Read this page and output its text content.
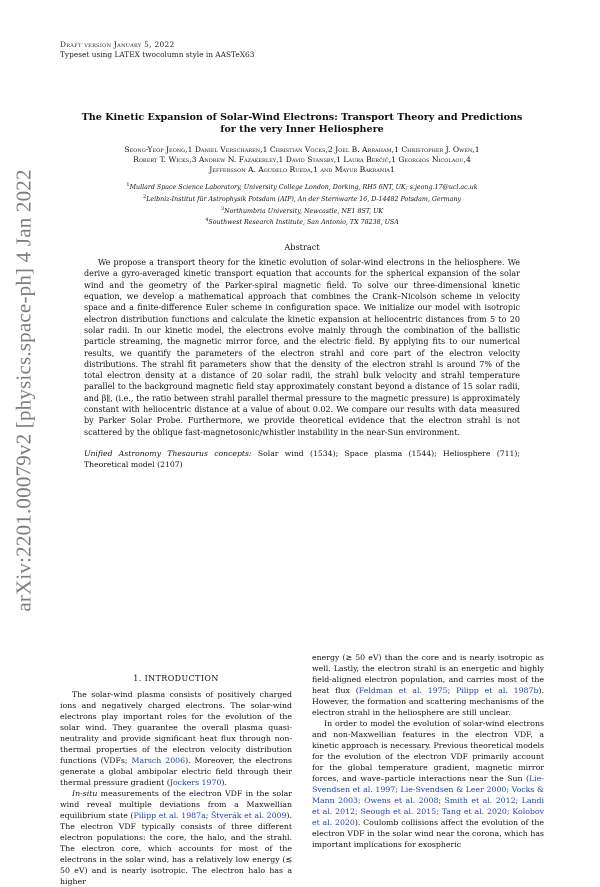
arXiv:2201.00079v2 [physics.space-ph] 4 Jan 2022
Draft version January 5, 2022
Typeset using LATEX twocolumn style in AASTeX63
The Kinetic Expansion of Solar-Wind Electrons: Transport Theory and Predictions for the very Inner Heliosphere
Seong-Yeop Jeong,1 Daniel Verscharen,1 Christian Vocks,2 Joel B. Abraham,1 Christopher J. Owen,1
Robert T. Wicks,3 Andrew N. Fazakerley,1 David Stansby,1 Laura Berčič,1 Georgios Nicolaou,4
Jeffersson A. Agudelo Rueda,1 and Mayur Bakrania1
$^1$Mullard Space Science Laboratory, University College London, Dorking, RH5 6NT, UK; s.jeong.17@ucl.ac.uk
$^2$Leibniz-Institut für Astrophysik Potsdam (AIP), An der Sternwarte 16, D-14482 Potsdam, Germany
$^3$Northumbria University, Newcastle, NE1 8ST, UK
$^4$Southwest Research Institute, San Antonio, TX 78238, USA
Abstract
We propose a transport theory for the kinetic evolution of solar-wind electrons in the heliosphere. We derive a gyro-averaged kinetic transport equation that accounts for the spherical expansion of the solar wind and the geometry of the Parker-spiral magnetic field. To solve our three-dimensional kinetic equation, we develop a mathematical approach that combines the Crank–Nicolson scheme in velocity space and a finite-difference Euler scheme in configuration space. We initialize our model with isotropic electron distribution functions and calculate the kinetic expansion at heliocentric distances from 5 to 20 solar radii. In our kinetic model, the electrons evolve mainly through the combination of the ballistic particle streaming, the magnetic mirror force, and the electric field. By applying fits to our numerical results, we quantify the parameters of the electron strahl and core part of the electron velocity distributions. The strahl fit parameters show that the density of the electron strahl is around 7% of the total electron density at a distance of 20 solar radii, the strahl bulk velocity and strahl temperature parallel to the background magnetic field stay approximately constant beyond a distance of 15 solar radii, and β∥, (i.e., the ratio between strahl parallel thermal pressure to the magnetic pressure) is approximately constant with heliocentric distance at a value of about 0.02. We compare our results with data measured by Parker Solar Probe. Furthermore, we provide theoretical evidence that the electron strahl is not scattered by the oblique fast-magnetosonic/whistler instability in the near-Sun environment.
Unified Astronomy Thesaurus concepts: Solar wind (1534); Space plasma (1544); Heliosphere (711); Theoretical model (2107)
1. INTRODUCTION

The solar-wind plasma consists of positively charged ions and negatively charged electrons. The solar-wind electrons play important roles for the evolution of the solar wind. They guarantee the overall plasma quasi-neutrality and provide significant heat flux through non-thermal properties of the electron velocity distribution functions (VDFs; Marsch 2006). Moreover, the electrons generate a global ambipolar electric field through their thermal pressure gradient (Jockers 1970).

In-situ measurements of the electron VDF in the solar wind reveal multiple deviations from a Maxwellian equilibrium state (Pilipp et al. 1987a; Štverák et al. 2009). The electron VDF typically consists of three different electron populations: the core, the halo, and the strahl. The electron core, which accounts for most of the electrons in the solar wind, has a relatively low energy (≲ 50 eV) and is nearly isotropic. The electron halo has a higher

energy (≳ 50 eV) than the core and is nearly isotropic as well. Lastly, the electron strahl is an energetic and highly field-aligned electron population, and carries most of the heat flux (Feldman et al. 1975; Pilipp et al. 1987b). However, the formation and scattering mechanisms of the electron strahl in the heliosphere are still unclear.

In order to model the evolution of solar-wind electrons and non-Maxwellian features in the electron VDF, a kinetic approach is necessary. Previous theoretical models for the evolution of the electron VDF primarily account for the global temperature gradient, magnetic mirror forces, and wave–particle interactions near the Sun (Lie-Svendsen et al. 1997; Lie-Svendsen & Leer 2000; Vocks & Mann 2003; Owens et al. 2008; Smith et al. 2012; Landi et al. 2012; Seough et al. 2015; Tang et al. 2020; Kolobov et al. 2020). Coulomb collisions affect the evolution of the electron VDF in the solar wind near the corona, which has important implications for exospheric
